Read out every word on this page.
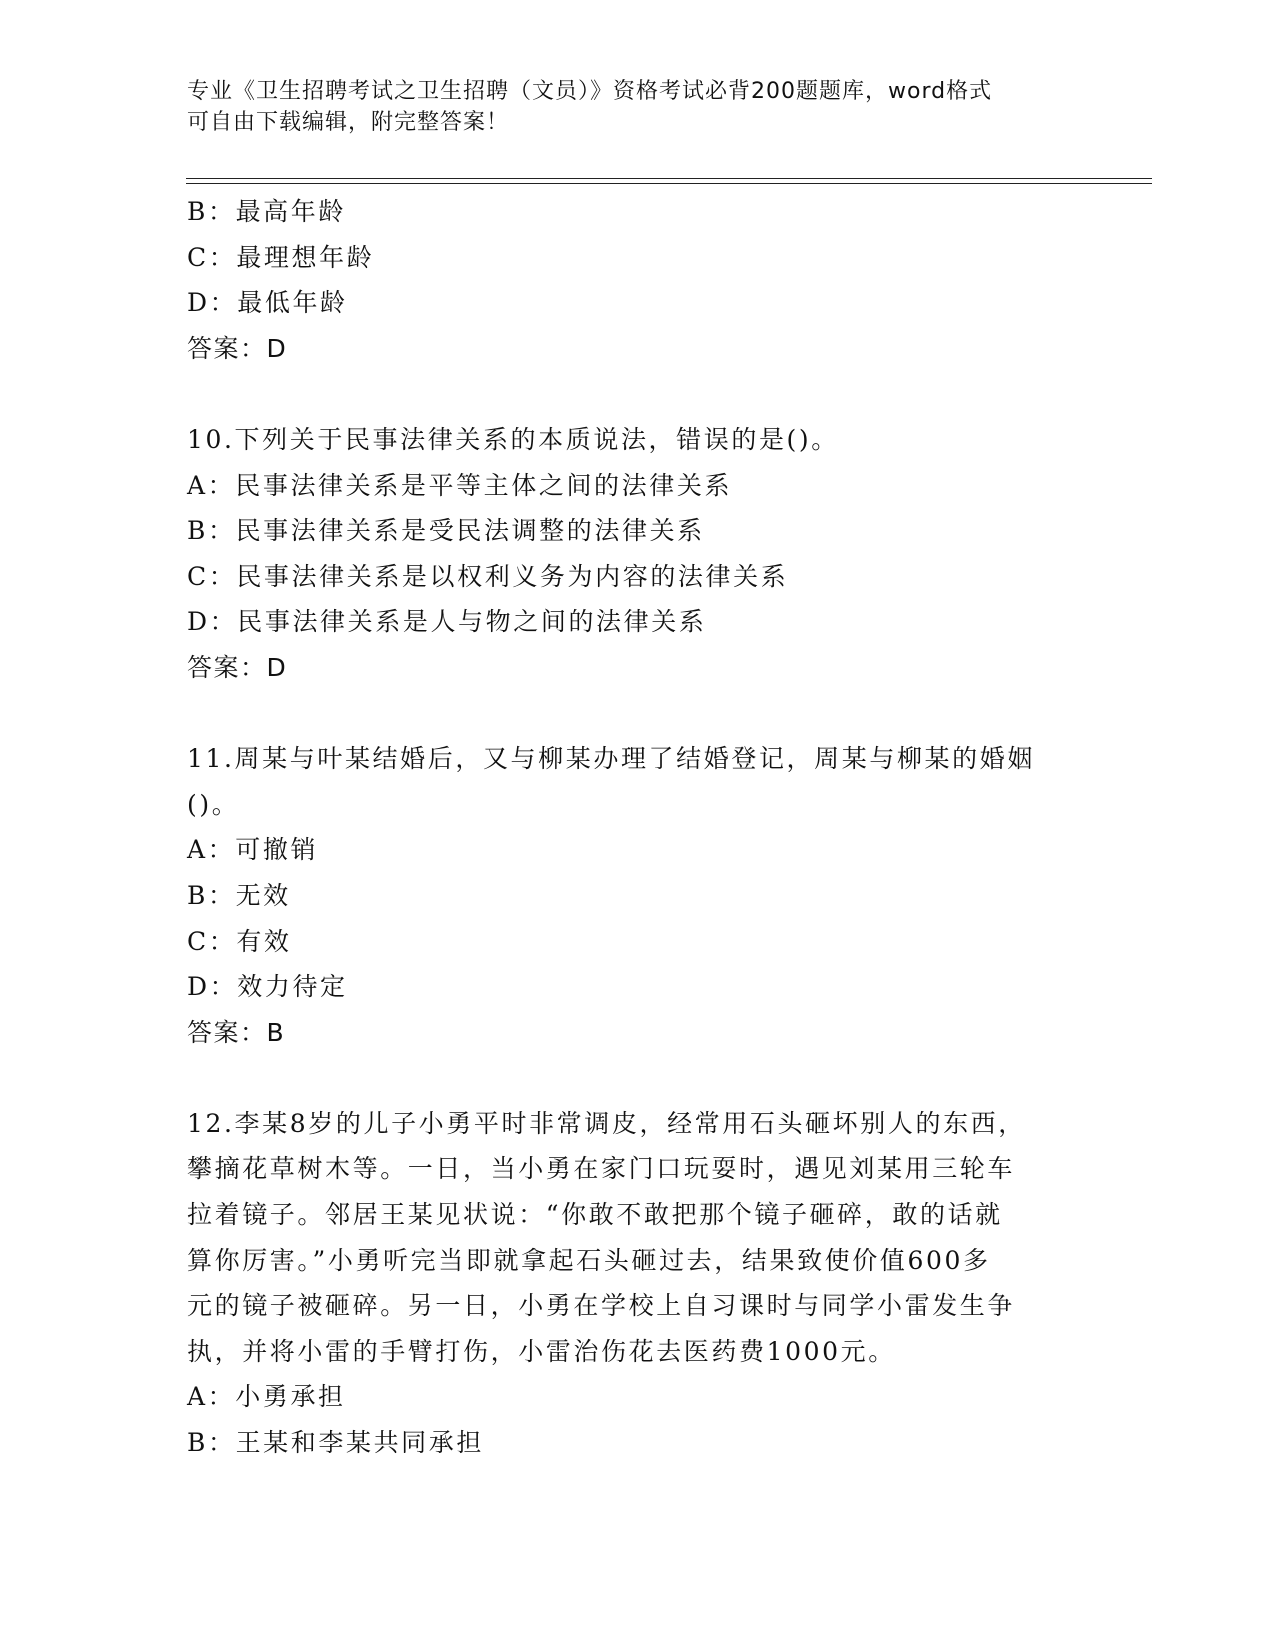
专业《卫生招聘考试之卫生招聘（文员）》资格考试必背200题题库，word格式
可自由下载编辑，附完整答案！
B：最高年龄
C：最理想年龄
D：最低年龄
答案：D
10.下列关于民事法律关系的本质说法，错误的是()。
A：民事法律关系是平等主体之间的法律关系
B：民事法律关系是受民法调整的法律关系
C：民事法律关系是以权利义务为内容的法律关系
D：民事法律关系是人与物之间的法律关系
答案：D
11.周某与叶某结婚后，又与柳某办理了结婚登记，周某与柳某的婚姻
()。
A：可撤销
B：无效
C：有效
D：效力待定
答案：B
12.李某8岁的儿子小勇平时非常调皮，经常用石头砸坏别人的东西，
攀摘花草树木等。一日，当小勇在家门口玩耍时，遇见刘某用三轮车
拉着镜子。邻居王某见状说：“你敢不敢把那个镜子砸碎，敢的话就
算你厉害。”小勇听完当即就拿起石头砸过去，结果致使价值600多
元的镜子被砸碎。另一日，小勇在学校上自习课时与同学小雷发生争
执，并将小雷的手臂打伤，小雷治伤花去医药费1000元。
A：小勇承担
B：王某和李某共同承担
